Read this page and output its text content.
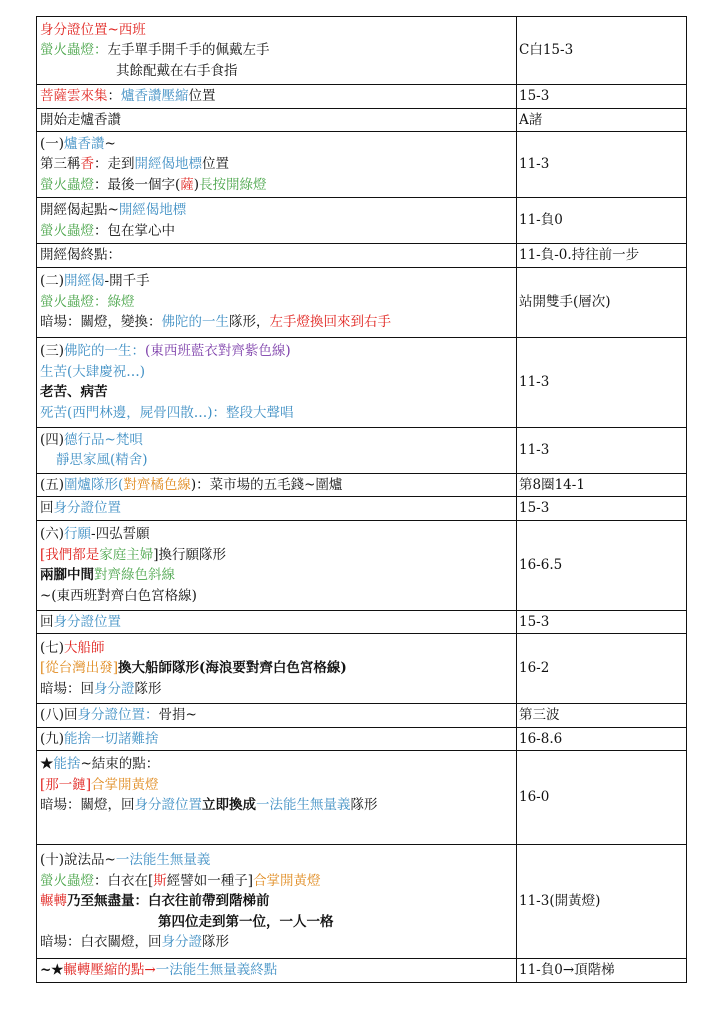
身分證位置~西班
螢火蟲燈：左手單手開千手的佩戴左手
其餘配戴在右手食指	C白15-3
菩薩雲來集：爐香讚壓縮位置	15-3
開始走爐香讚	A諸

(一)爐香讚~
第三稱香：走到開經偈地標位置
螢火蟲燈：最後一個字(薩)長按開綠燈	11-3

開經偈起點~開經偈地標
螢火蟲燈：包在掌心中	11-負0
開經偈終點：	11-負-0.持往前一步

(二)開經偈-開千手
螢火蟲燈：綠燈
暗場：關燈，變換：佛陀的一生隊形，左手燈換回來到右手	站開雙手(層次)

(三)佛陀的一生：(東西班藍衣對齊紫色線)
生苦(大肆慶祝…)
老苦、病苦
死苦(西門林邊，屍骨四散…)：整段大聲唱	11-3

(四)德行品~梵唄
靜思家風(精舍)	11-3
(五)圍爐隊形(對齊橘色線)：菜市場的五毛錢~圍爐	第8圈14-1
回身分證位置	15-3

(六)行願-四弘誓願
[我們都是家庭主婦]換行願隊形
兩腳中間對齊綠色斜線
~(東西班對齊白色宮格線)	16-6.5
回身分證位置	15-3

(七)大船師
[從台灣出發]換大船師隊形(海浪要對齊白色宮格線)
暗場：回身分證隊形	16-2
(八)回身分證位置：骨捐~	第三波
(九)能捨一切諸難捨	16-8.6

★能捨~結束的點：
[那一鏈]合掌開黃燈
暗場：關燈，回身分證位置立即換成一法能生無量義隊形	16-0

(十)說法品~一法能生無量義
螢火蟲燈：白衣在[斯經譬如一種子]合掌開黃燈
輾轉乃至無盡量：白衣往前帶到階梯前
第四位走到第一位，一人一格
暗場：白衣關燈，回身分證隊形	11-3(開黃燈)
~★輾轉壓縮的點→一法能生無量義終點	11-負0→頂階梯
